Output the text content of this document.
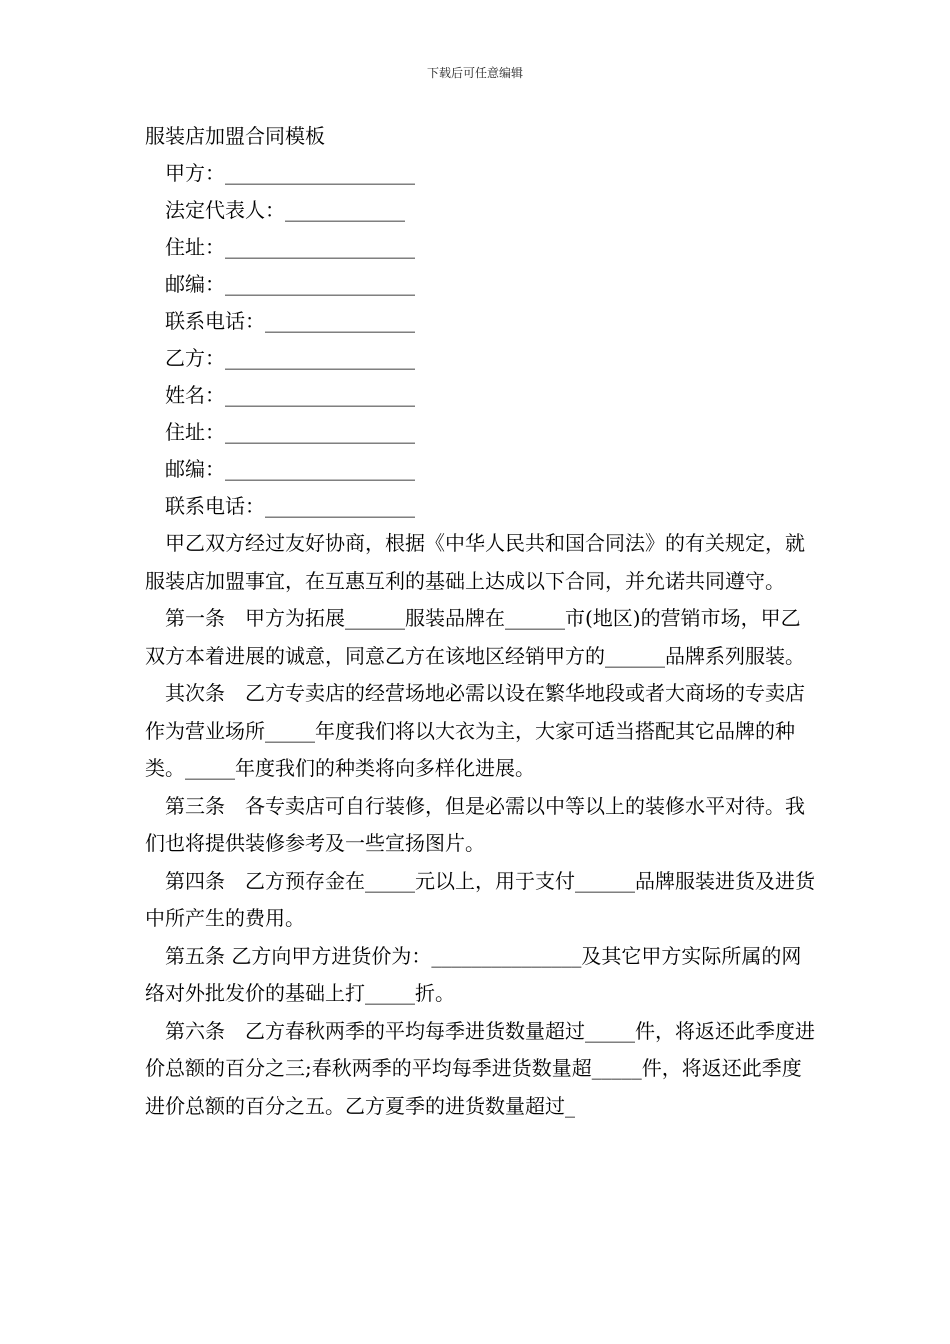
下载后可任意编辑
服装店加盟合同模板
甲方：___________________
法定代表人：____________
住址：___________________
邮编：___________________
联系电话：_______________
乙方：___________________
姓名：___________________
住址：___________________
邮编：___________________
联系电话：_______________

甲乙双方经过友好协商，根据《中华人民共和国合同法》的有关规定，就服装店加盟事宜，在互惠互利的基础上达成以下合同，并允诺共同遵守。

第一条　甲方为拓展______服装品牌在______市(地区)的营销市场，甲乙双方本着进展的诚意，同意乙方在该地区经销甲方的______品牌系列服装。

其次条　乙方专卖店的经营场地必需以设在繁华地段或者大商场的专卖店作为营业场所_____年度我们将以大衣为主，大家可适当搭配其它品牌的种类。_____年度我们的种类将向多样化进展。

第三条　各专卖店可自行装修，但是必需以中等以上的装修水平对待。我们也将提供装修参考及一些宣扬图片。

第四条　乙方预存金在_____元以上，用于支付______品牌服装进货及进货中所产生的费用。

第五条 乙方向甲方进货价为：_______________及其它甲方实际所属的网络对外批发价的基础上打_____折。

第六条　乙方春秋两季的平均每季进货数量超过_____件，将返还此季度进价总额的百分之三;春秋两季的平均每季进货数量超_____件，将返还此季度进价总额的百分之五。乙方夏季的进货数量超过_
